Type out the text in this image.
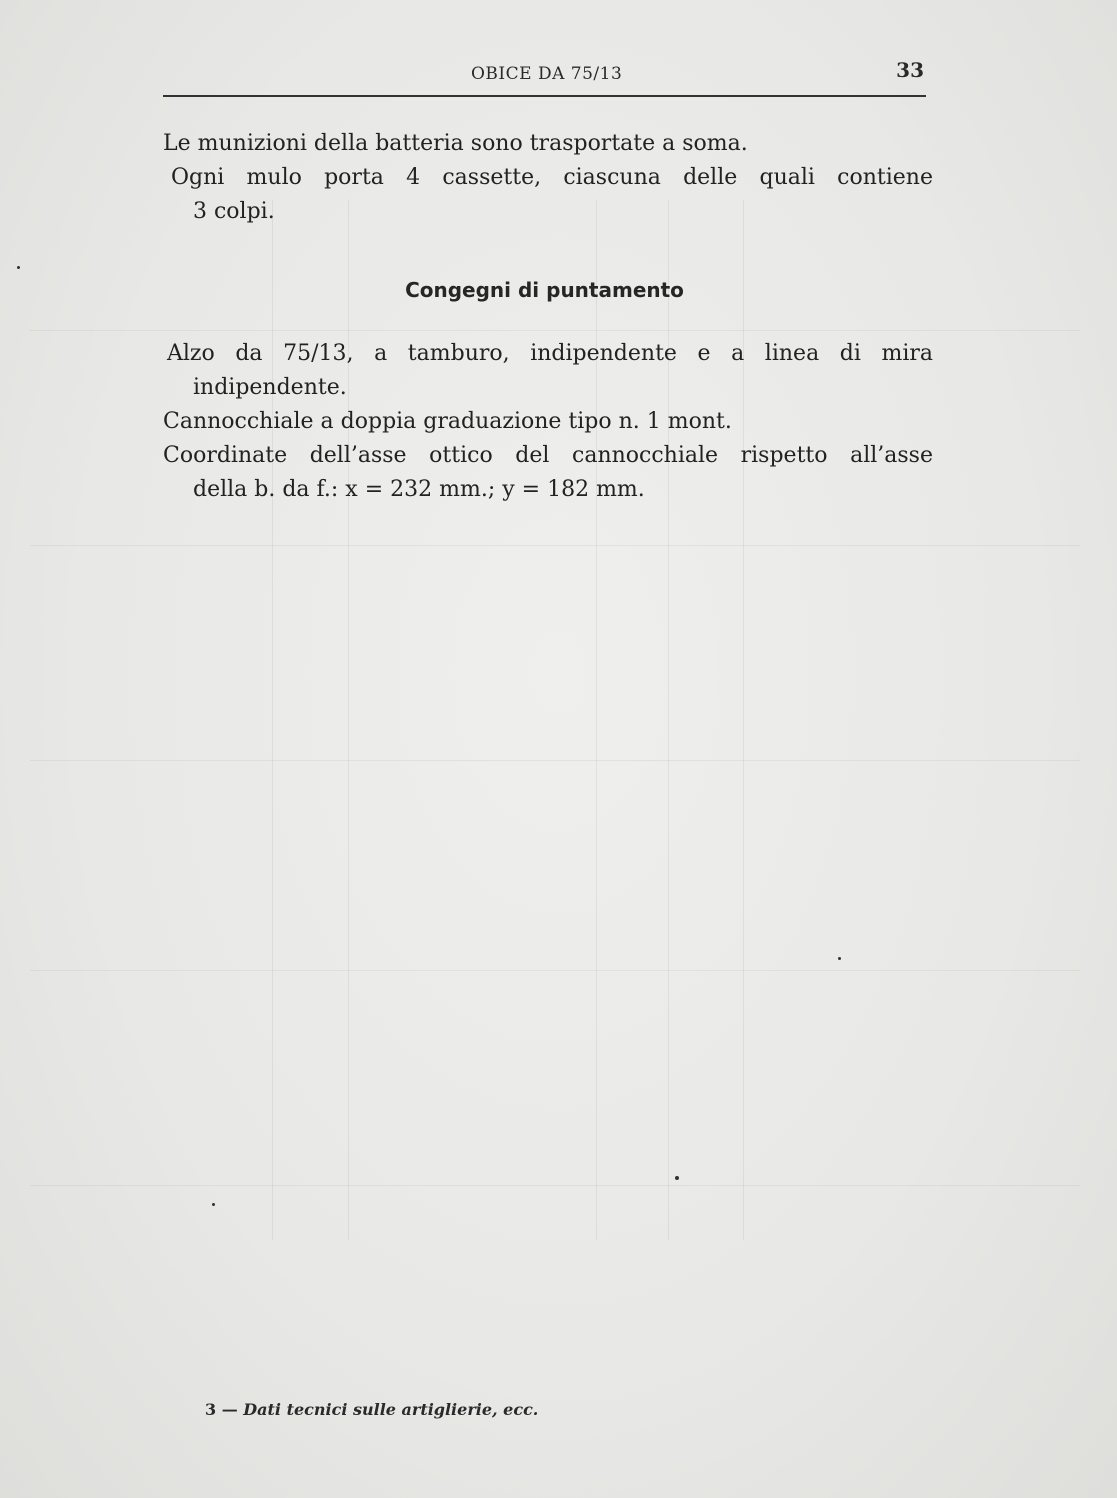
OBICE DA 75/13	33
Le munizioni della batteria sono trasportate a soma.
Ogni mulo porta 4 cassette, ciascuna delle quali contiene
3 colpi.
Congegni di puntamento
Alzo da 75/13, a tamburo, indipendente e a linea di mira
indipendente.
Cannocchiale a doppia graduazione tipo n. 1 mont.
Coordinate dell’asse ottico del cannocchiale rispetto all’asse
della b. da f.: x = 232 mm.; y = 182 mm.
3 — Dati tecnici sulle artiglierie, ecc.
